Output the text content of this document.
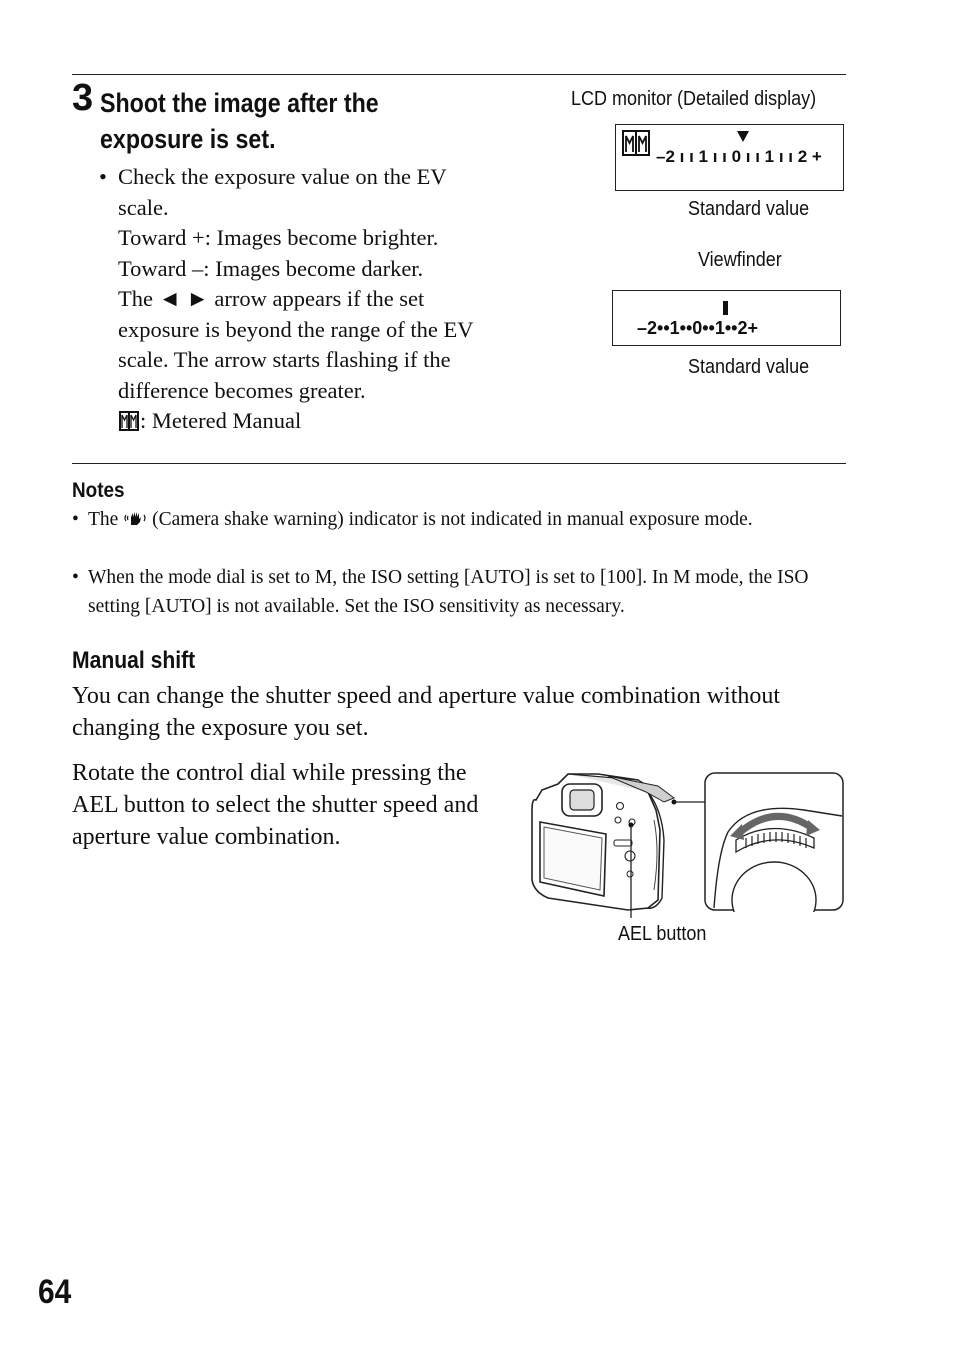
3 Shoot the image after the
exposure is set.
• Check the exposure value on the EV
scale.
Toward +: Images become brighter.
Toward –: Images become darker.
The ◄ ► arrow appears if the set
exposure is beyond the range of the EV
scale. The arrow starts flashing if the
difference becomes greater.
: Metered Manual
LCD monitor (Detailed display)
–2 ı ı 1 ı ı 0 ı ı 1 ı ı 2 +
Standard value
Viewfinder
–2••1••0••1••2+
Standard value
Notes
• The (Camera shake warning) indicator is not indicated in manual exposure mode.
• When the mode dial is set to M, the ISO setting [AUTO] is set to [100]. In M mode, the ISO setting [AUTO] is not available. Set the ISO sensitivity as necessary.
Manual shift
You can change the shutter speed and aperture value combination without changing the exposure you set.
Rotate the control dial while pressing the AEL button to select the shutter speed and aperture value combination.
AEL button
64
